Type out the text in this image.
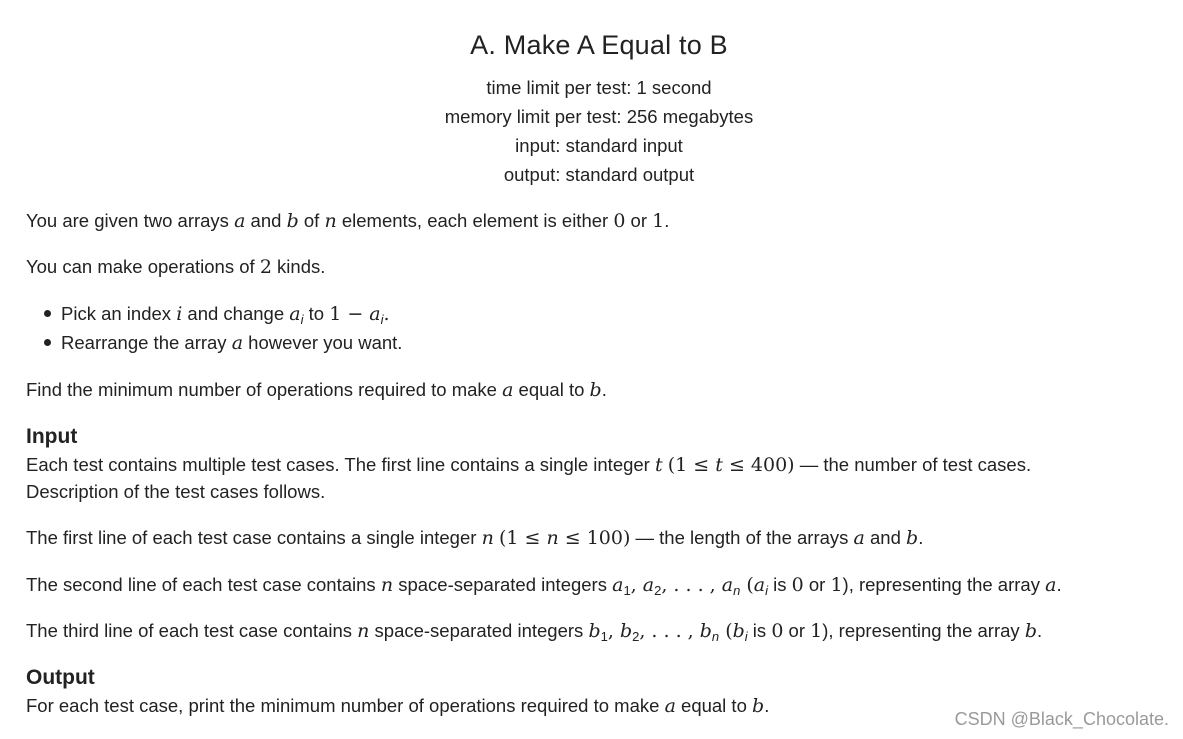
A. Make A Equal to B
time limit per test: 1 second
memory limit per test: 256 megabytes
input: standard input
output: standard output
You are given two arrays a and b of n elements, each element is either 0 or 1.
You can make operations of 2 kinds.
Pick an index i and change $a_i$ to $1 - a_i$.
Rearrange the array a however you want.
Find the minimum number of operations required to make a equal to b.
Input
Each test contains multiple test cases. The first line contains a single integer t (1 ≤ t ≤ 400) — the number of test cases.
Description of the test cases follows.
The first line of each test case contains a single integer n (1 ≤ n ≤ 100) — the length of the arrays a and b.
The second line of each test case contains n space-separated integers $a_1$, $a_2$, . . . , $a_n$ ($a_i$ is 0 or 1), representing the array a.
The third line of each test case contains n space-separated integers $b_1$, $b_2$, . . . , $b_n$ ($b_i$ is 0 or 1), representing the array b.
Output
For each test case, print the minimum number of operations required to make a equal to b.
CSDN @Black_Chocolate.
